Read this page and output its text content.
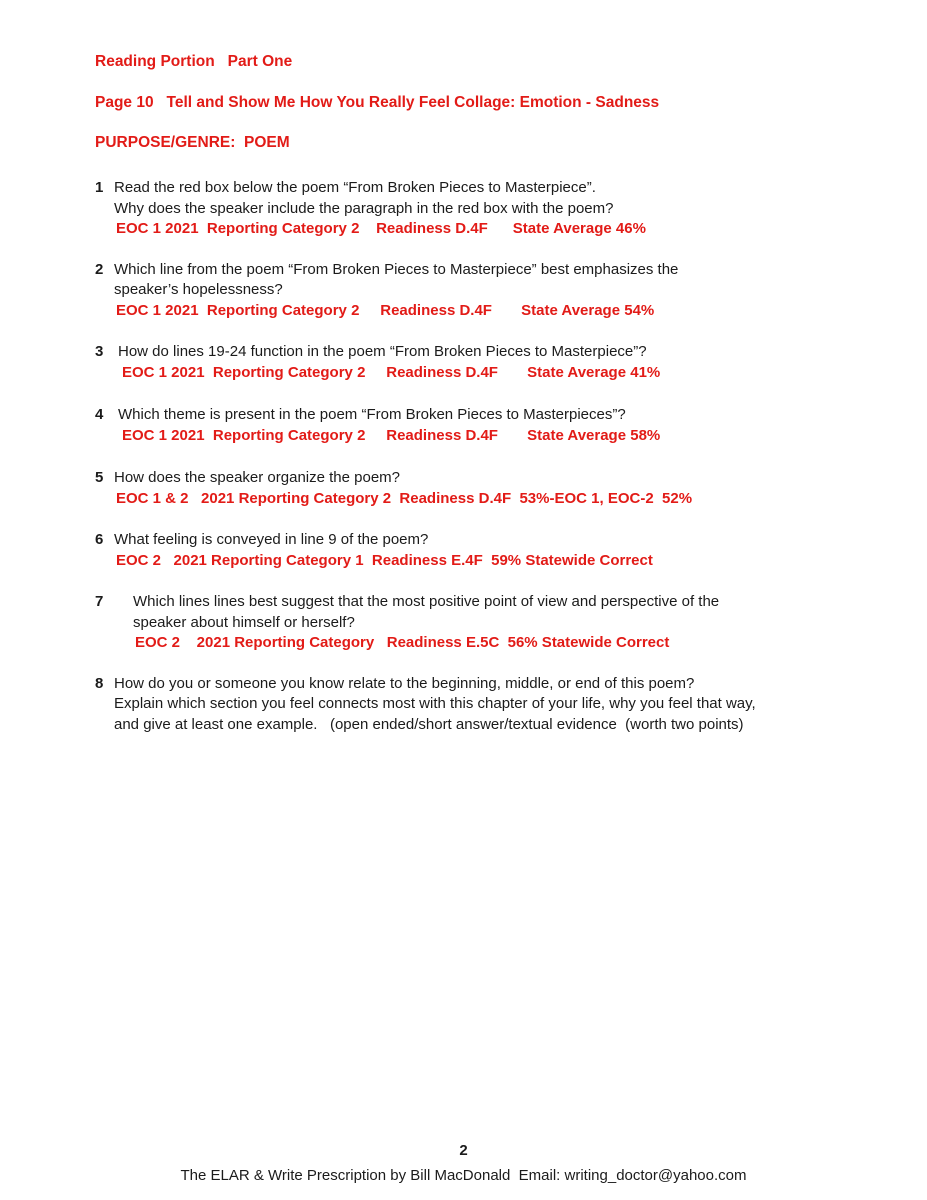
Reading Portion   Part One
Page 10   Tell and Show Me How You Really Feel Collage: Emotion - Sadness
PURPOSE/GENRE:  POEM
1 Read the red box below the poem “From Broken Pieces to Masterpiece”.
Why does the speaker include the paragraph in the red box with the poem?
EOC 1 2021  Reporting Category 2    Readiness D.4F      State Average 46%
2 Which line from the poem “From Broken Pieces to Masterpiece” best emphasizes the
speaker’s hopelessness?
EOC 1 2021  Reporting Category 2     Readiness D.4F       State Average 54%
3 How do lines 19-24 function in the poem “From Broken Pieces to Masterpiece”?
EOC 1 2021  Reporting Category 2     Readiness D.4F       State Average 41%
4 Which theme is present in the poem “From Broken Pieces to Masterpieces”?
EOC 1 2021  Reporting Category 2     Readiness D.4F       State Average 58%
5 How does the speaker organize the poem?
EOC 1 & 2   2021 Reporting Category 2  Readiness D.4F  53%-EOC 1, EOC-2  52%
6 What feeling is conveyed in line 9 of the poem?
EOC 2   2021 Reporting Category 1  Readiness E.4F  59% Statewide Correct
7	Which lines lines best suggest that the most positive point of view and perspective of the
speaker about himself or herself?
EOC 2    2021 Reporting Category   Readiness E.5C  56% Statewide Correct
8 How do you or someone you know relate to the beginning, middle, or end of this poem?
Explain which section you feel connects most with this chapter of your life, why you feel that way,
and give at least one example.   (open ended/short answer/textual evidence  (worth two points)
2
The ELAR & Write Prescription by Bill MacDonald  Email: writing_doctor@yahoo.com
